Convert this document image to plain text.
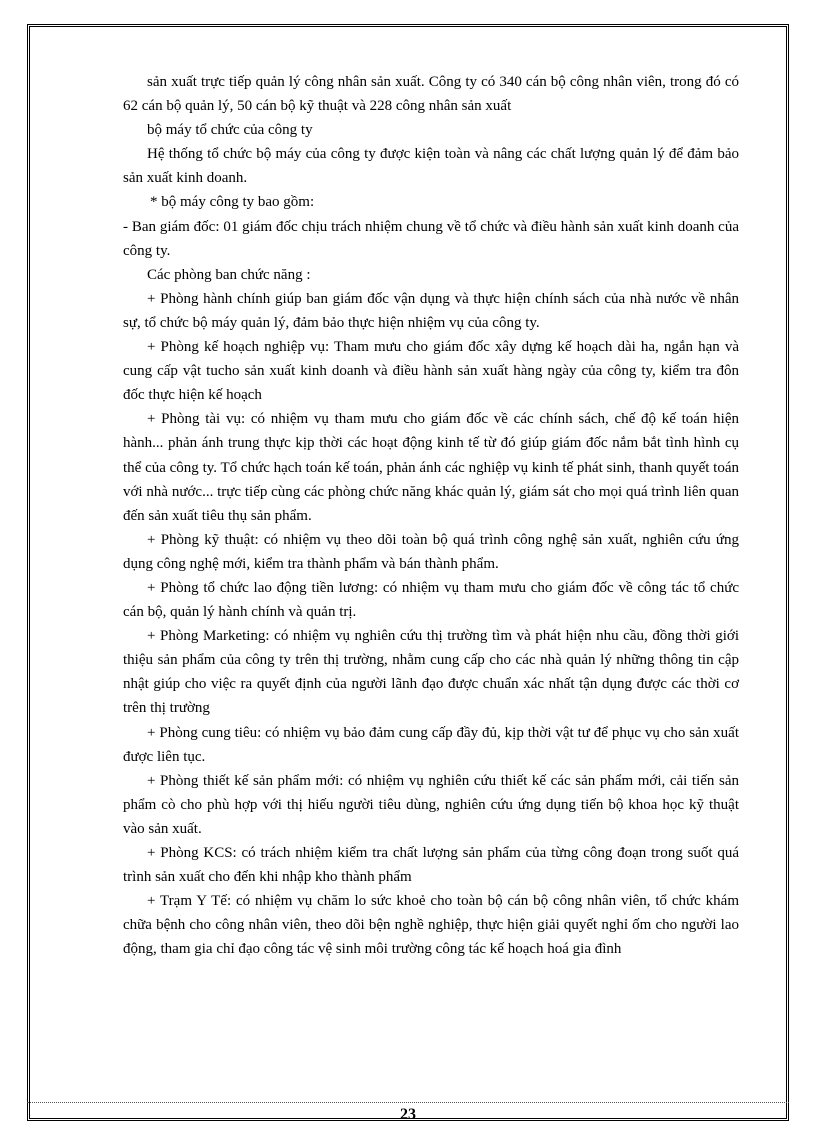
sản xuất trực tiếp quản lý công nhân sản xuất. Công ty có 340 cán bộ công nhân viên, trong đó có 62 cán bộ quản lý, 50 cán bộ kỹ thuật và 228 công nhân sản xuất

bộ máy tổ chức của công ty

Hệ thống tổ chức bộ máy của công ty được kiện toàn và nâng các chất lượng quản lý để đảm bảo sản xuất kinh doanh.

* bộ máy công ty bao gồm:

- Ban giám đốc: 01 giám đốc chịu trách nhiệm chung về tổ chức và điều hành sản xuất kinh doanh của công ty.

Các phòng ban chức năng :

+ Phòng hành chính giúp ban giám đốc vận dụng và thực hiện chính sách của nhà nước về nhân sự, tổ chức bộ máy quản lý, đảm bảo thực hiện nhiệm vụ của công ty.

+ Phòng kế hoạch nghiệp vụ: Tham mưu cho giám đốc xây dựng kế hoạch dài ha, ngắn hạn và cung cấp vật tucho sản xuất kinh doanh và điều hành sản xuất hàng ngày của công ty, kiểm tra đôn đốc thực hiện kế hoạch

+ Phòng tài vụ: có nhiệm vụ tham mưu cho giám đốc về các chính sách, chế độ kế toán hiện hành... phản ánh trung thực kịp thời các hoạt động kinh tế từ đó giúp giám đốc nắm bắt tình hình cụ thể của công ty. Tổ chức hạch toán kế toán, phản ánh các nghiệp vụ kinh tế phát sinh, thanh quyết toán với nhà nước... trực tiếp cùng các phòng chức năng khác quản lý, giám sát cho mọi quá trình liên quan đến sản xuất tiêu thụ sản phẩm.

+ Phòng kỹ thuật: có nhiệm vụ theo dõi toàn bộ quá trình công nghệ sản xuất, nghiên cứu ứng dụng công nghệ mới, kiểm tra thành phẩm và bán thành phẩm.

+ Phòng tổ chức lao động tiền lương: có nhiệm vụ tham mưu cho giám đốc về công tác tổ chức cán bộ, quản lý hành chính và quản trị.

+ Phòng Marketing: có nhiệm vụ nghiên cứu thị trường tìm và phát hiện nhu cầu, đồng thời giới thiệu sản phẩm của công ty trên thị trường, nhằm cung cấp cho các nhà quản lý những thông tin cập nhật giúp cho việc ra quyết định của người lãnh đạo được chuẩn xác nhất tận dụng được các thời cơ trên thị trường

+ Phòng cung tiêu: có nhiệm vụ bảo đảm cung cấp đầy đủ, kịp thời vật tư để phục vụ cho sản xuất được liên tục.

+ Phòng thiết kế sản phẩm mới: có nhiệm vụ nghiên cứu thiết kế các sản phẩm mới, cải tiến sản phẩm cò cho phù hợp với thị hiếu người tiêu dùng, nghiên cứu ứng dụng tiến bộ khoa học kỹ thuật vào sản xuất.

+ Phòng KCS: có trách nhiệm kiểm tra chất lượng sản phẩm của từng công đoạn trong suốt quá trình sản xuất cho đến khi nhập kho thành phẩm

+ Trạm Y Tế: có nhiệm vụ chăm lo sức khoẻ cho toàn bộ cán bộ công nhân viên, tổ chức khám chữa bệnh cho công nhân viên, theo dõi bện nghề nghiệp, thực hiện giải quyết nghỉ ốm cho người lao động, tham gia chỉ đạo công tác vệ sinh môi trường công tác kế hoạch hoá gia đình

23
